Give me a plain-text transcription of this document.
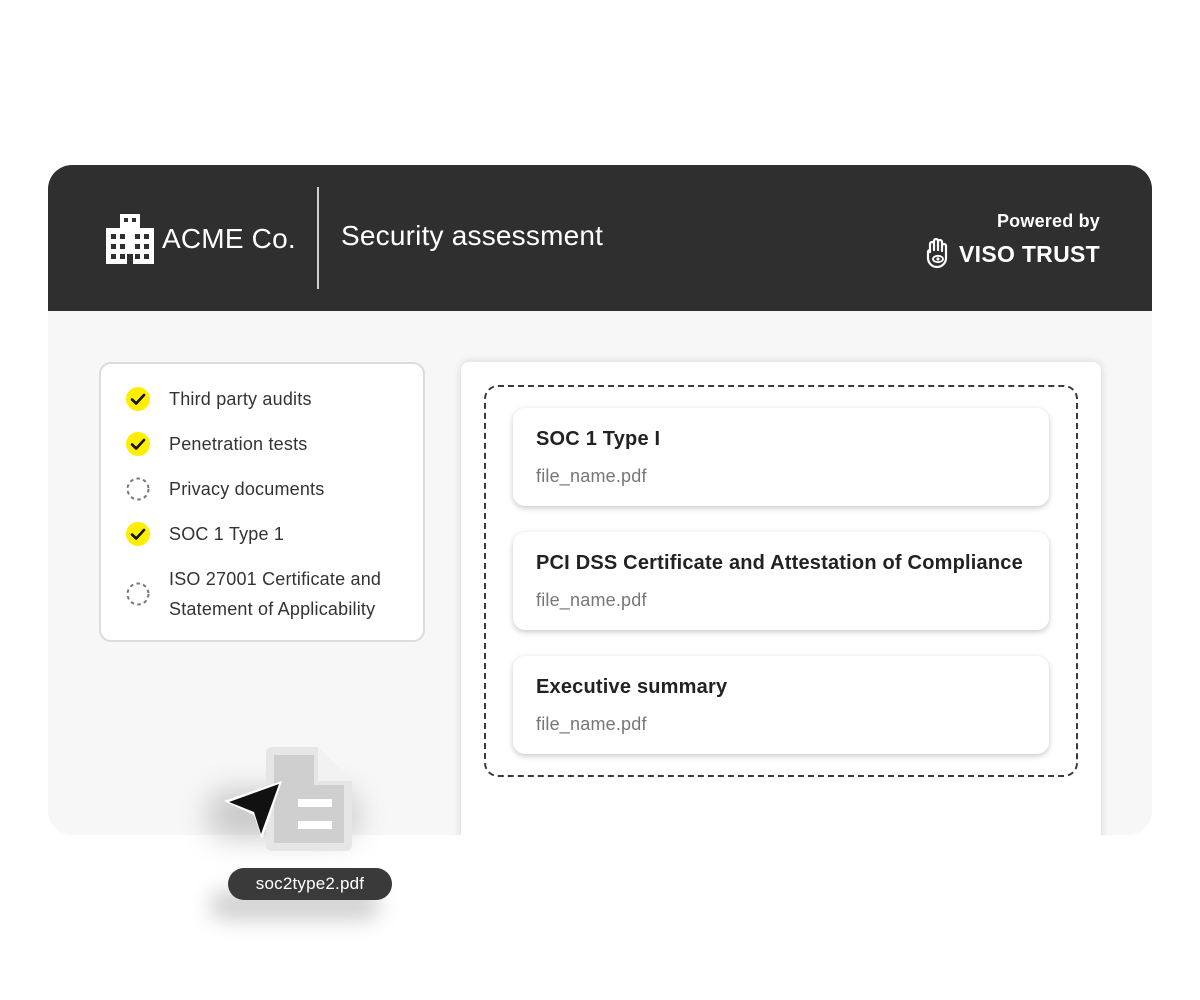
ACME Co. Security assessment	Powered by
VISO TRUST
Third party audits
Penetration tests
Privacy documents
SOC 1 Type 1
ISO 27001 Certificate and
Statement of Applicability
SOC 1 Type I
file_name.pdf
PCI DSS Certificate and Attestation of Compliance
file_name.pdf
Executive summary
file_name.pdf
soc2type2.pdf
